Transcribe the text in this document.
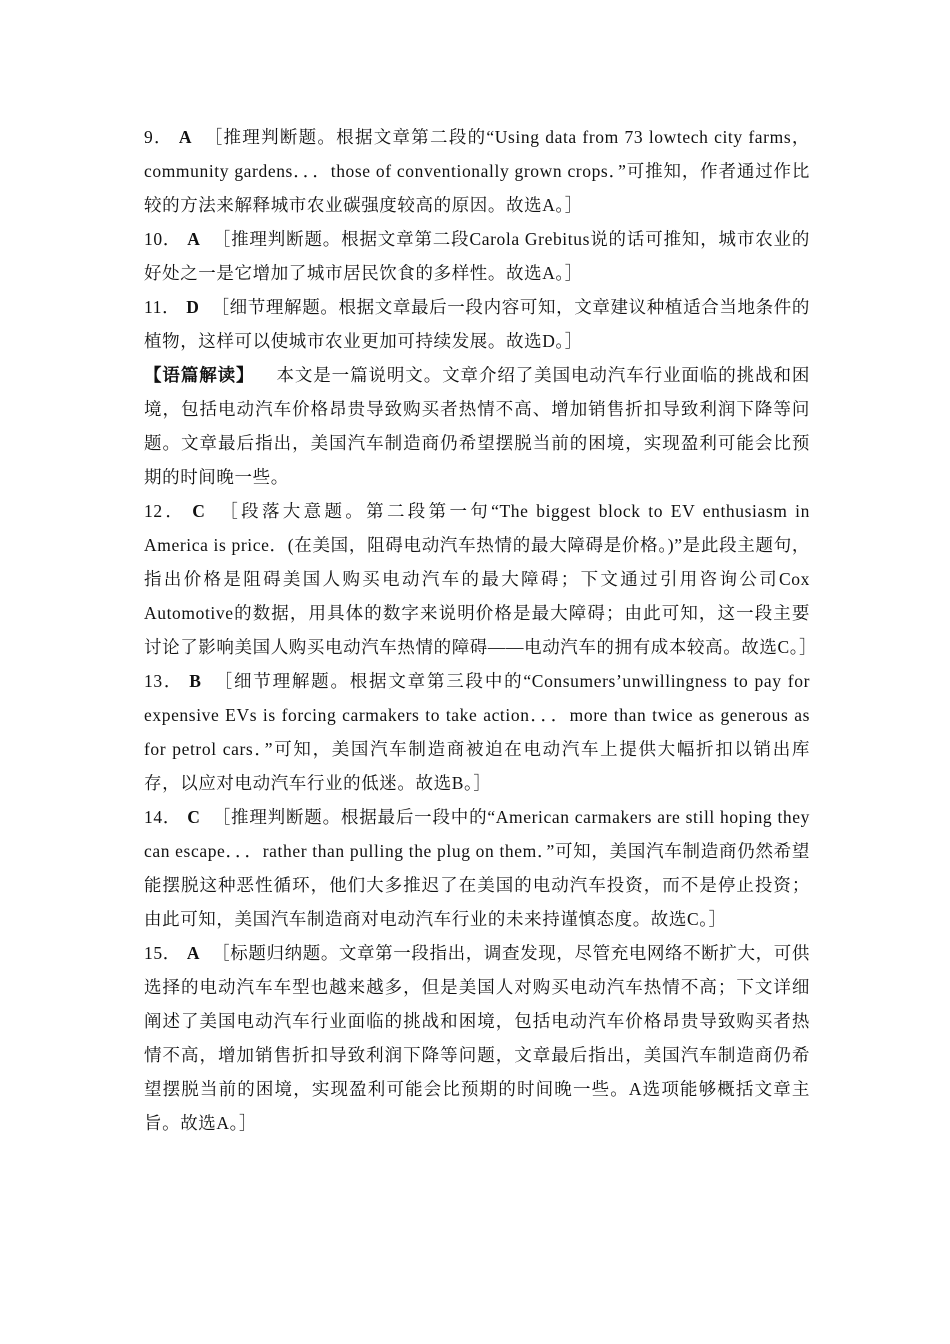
9． A ［推理判断题。根据文章第二段的“Using data from 73 lowtech city farms，community gardens．．．those of conventionally grown crops．”可推知，作者通过作比较的方法来解释城市农业碳强度较高的原因。故选A。］

10． A ［推理判断题。根据文章第二段Carola Grebitus说的话可推知，城市农业的好处之一是它增加了城市居民饮食的多样性。故选A。］

11． D ［细节理解题。根据文章最后一段内容可知，文章建议种植适合当地条件的植物，这样可以使城市农业更加可持续发展。故选D。］

【语篇解读】 本文是一篇说明文。文章介绍了美国电动汽车行业面临的挑战和困境，包括电动汽车价格昂贵导致购买者热情不高、增加销售折扣导致利润下降等问题。文章最后指出，美国汽车制造商仍希望摆脱当前的困境，实现盈利可能会比预期的时间晚一些。

12． C ［段落大意题。第二段第一句“The biggest block to EV enthusiasm in America is price．(在美国，阻碍电动汽车热情的最大障碍是价格。)”是此段主题句，指出价格是阻碍美国人购买电动汽车的最大障碍；下文通过引用咨询公司Cox Automotive的数据，用具体的数字来说明价格是最大障碍；由此可知，这一段主要讨论了影响美国人购买电动汽车热情的障碍——电动汽车的拥有成本较高。故选C。］

13． B ［细节理解题。根据文章第三段中的“Consumers’unwillingness to pay for expensive EVs is forcing carmakers to take action．．．more than twice as generous as for petrol cars．”可知，美国汽车制造商被迫在电动汽车上提供大幅折扣以销出库存，以应对电动汽车行业的低迷。故选B。］

14． C ［推理判断题。根据最后一段中的“American carmakers are still hoping they can escape．．．rather than pulling the plug on them．”可知，美国汽车制造商仍然希望能摆脱这种恶性循环，他们大多推迟了在美国的电动汽车投资，而不是停止投资；由此可知，美国汽车制造商对电动汽车行业的未来持谨慎态度。故选C。］

15． A ［标题归纳题。文章第一段指出，调查发现，尽管充电网络不断扩大，可供选择的电动汽车车型也越来越多，但是美国人对购买电动汽车热情不高；下文详细阐述了美国电动汽车行业面临的挑战和困境，包括电动汽车价格昂贵导致购买者热情不高，增加销售折扣导致利润下降等问题，文章最后指出，美国汽车制造商仍希望摆脱当前的困境，实现盈利可能会比预期的时间晚一些。A选项能够概括文章主旨。故选A。］
